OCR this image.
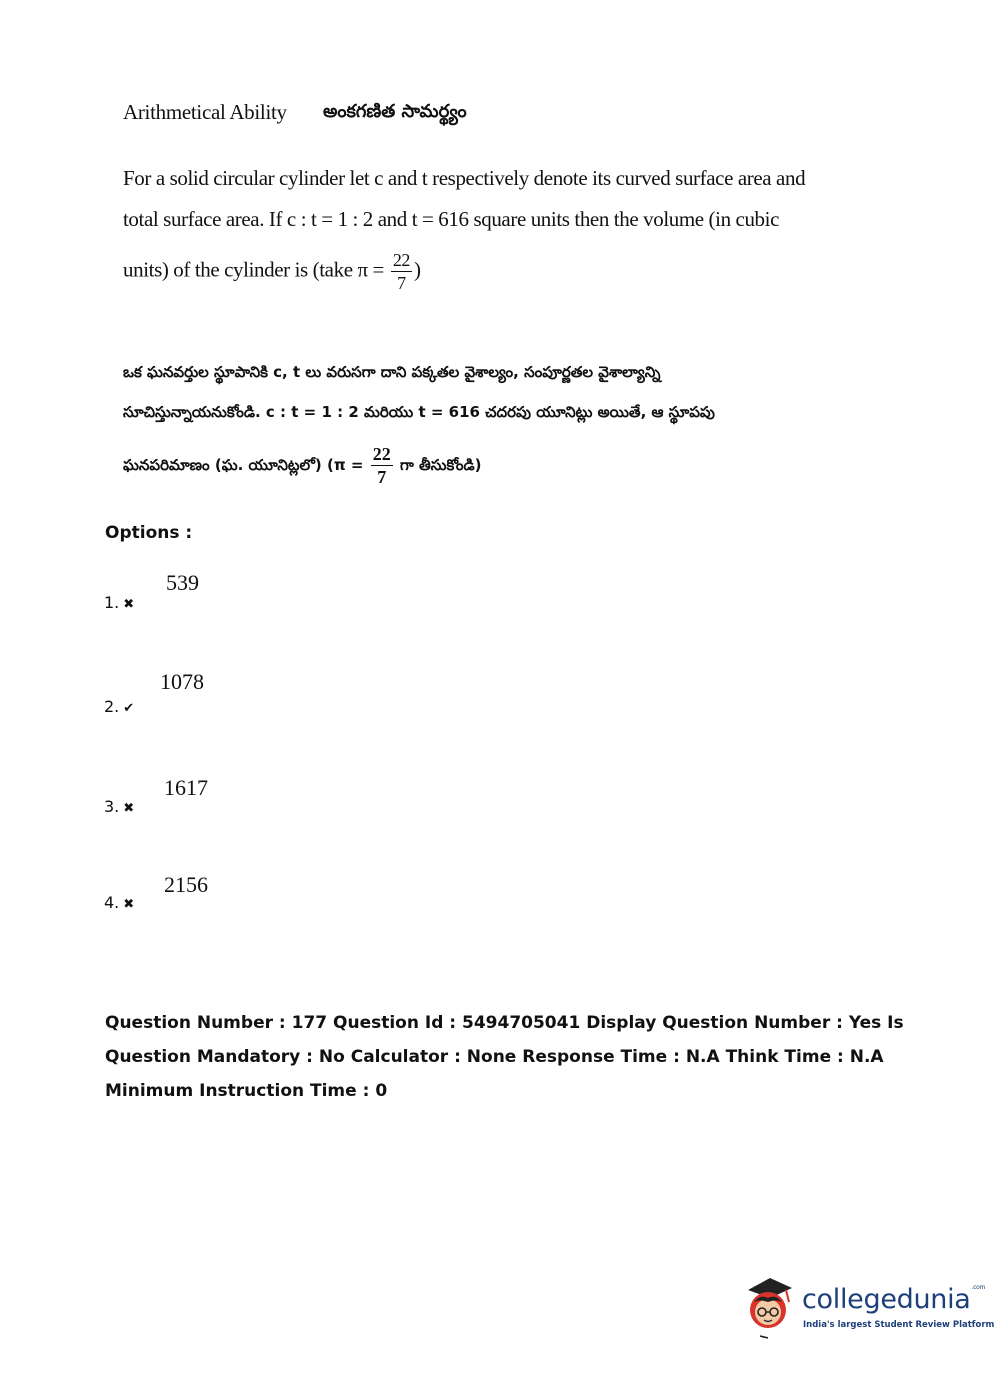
Arithmetical Ability అంకగణిత సామర్థ్యం
For a solid circular cylinder let c and t respectively denote its curved surface area and
total surface area. If c : t = 1 : 2 and t = 616 square units then the volume (in cubic
units) of the cylinder is (take $\pi = \frac{22}{7}$ )
ఒక ఘనవర్తుల స్థూపానికి c, t లు వరుసగా దాని పక్కతల వైశాల్యం, సంపూర్ణతల వైశాల్యాన్ని
సూచిస్తున్నాయనుకోండి. c : t = 1 : 2 మరియు t = 616 చదరపు యూనిట్లు అయితే, ఆ స్థూపపు
ఘనపరిమాణం (ఘ. యూనిట్లలో) ($\pi = \frac{22}{7}$ గా తీసుకోండి)
Options :
539
1. ✖
1078
2. ✔
1617
3. ✖
2156
4. ✖
Question Number : 177 Question Id : 5494705041 Display Question Number : Yes Is Question Mandatory : No Calculator : None Response Time : N.A Think Time : N.A Minimum Instruction Time : 0
collegedunia$^{.com}$
India's largest Student Review Platform
